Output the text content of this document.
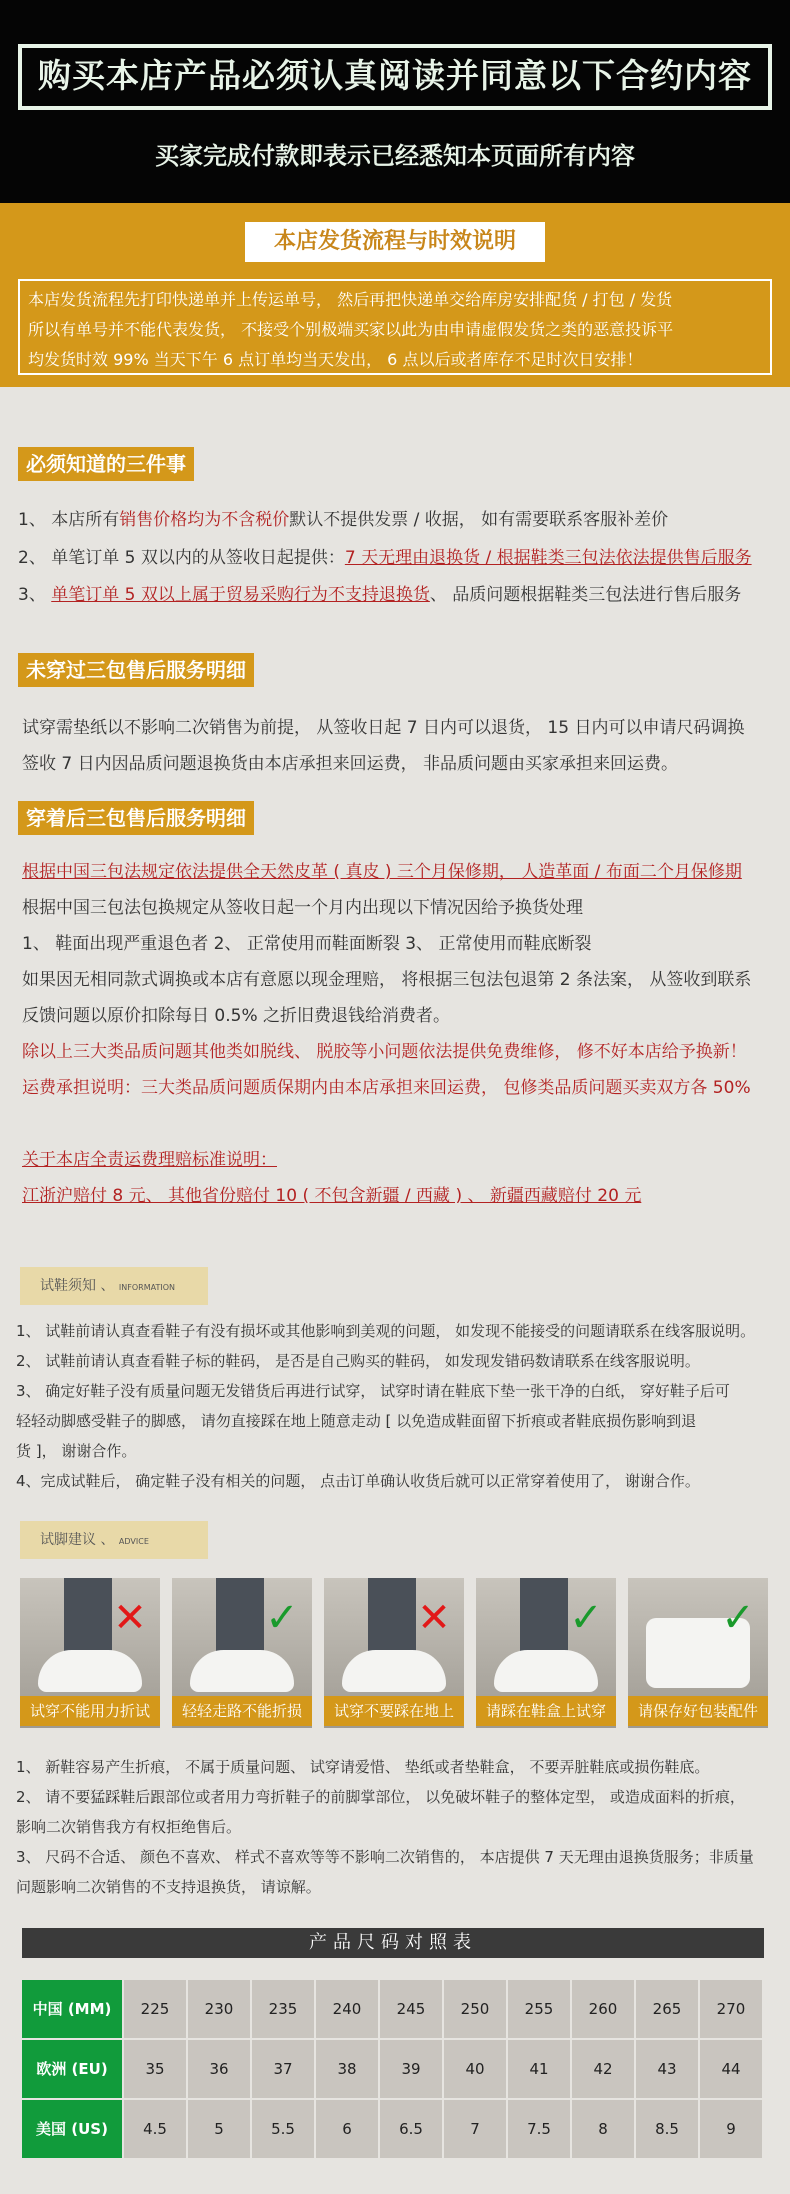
购买本店产品必须认真阅读并同意以下合约内容
买家完成付款即表示已经悉知本页面所有内容
本店发货流程与时效说明
本店发货流程先打印快递单并上传运单号， 然后再把快递单交给库房安排配货 / 打包 / 发货
所以有单号并不能代表发货， 不接受个别极端买家以此为由申请虚假发货之类的恶意投诉平
均发货时效 99% 当天下午 6 点订单均当天发出， 6 点以后或者库存不足时次日安排！
必须知道的三件事
1、 本店所有销售价格均为不含税价默认不提供发票 / 收据， 如有需要联系客服补差价
2、 单笔订单 5 双以内的从签收日起提供：7 天无理由退换货 / 根据鞋类三包法依法提供售后服务
3、 单笔订单 5 双以上属于贸易采购行为不支持退换货、 品质问题根据鞋类三包法进行售后服务
未穿过三包售后服务明细
试穿需垫纸以不影响二次销售为前提， 从签收日起 7 日内可以退货， 15 日内可以申请尺码调换
签收 7 日内因品质问题退换货由本店承担来回运费， 非品质问题由买家承担来回运费。
穿着后三包售后服务明细
根据中国三包法规定依法提供全天然皮革 ( 真皮 ) 三个月保修期， 人造革面 / 布面二个月保修期
根据中国三包法包换规定从签收日起一个月内出现以下情况因给予换货处理
1、 鞋面出现严重退色者 2、 正常使用而鞋面断裂 3、 正常使用而鞋底断裂
如果因无相同款式调换或本店有意愿以现金理赔， 将根据三包法包退第 2 条法案， 从签收到联系
反馈问题以原价扣除每日 0.5% 之折旧费退钱给消费者。
除以上三大类品质问题其他类如脱线、 脱胶等小问题依法提供免费维修， 修不好本店给予换新！
运费承担说明：三大类品质问题质保期内由本店承担来回运费， 包修类品质问题买卖双方各 50%
关于本店全责运费理赔标准说明：
江浙沪赔付 8 元、 其他省份赔付 10 ( 不包含新疆 / 西藏 ) 、 新疆西藏赔付 20 元
试鞋须知 、 INFORMATION
1、 试鞋前请认真查看鞋子有没有损坏或其他影响到美观的问题， 如发现不能接受的问题请联系在线客服说明。
2、 试鞋前请认真查看鞋子标的鞋码， 是否是自己购买的鞋码， 如发现发错码数请联系在线客服说明。
3、 确定好鞋子没有质量问题无发错货后再进行试穿， 试穿时请在鞋底下垫一张干净的白纸， 穿好鞋子后可
轻轻动脚感受鞋子的脚感， 请勿直接踩在地上随意走动 [ 以免造成鞋面留下折痕或者鞋底损伤影响到退
货 ]， 谢谢合作。
4、完成试鞋后， 确定鞋子没有相关的问题， 点击订单确认收货后就可以正常穿着使用了， 谢谢合作。
试脚建议 、 ADVICE
✕
试穿不能用力折试
✓
轻轻走路不能折损
✕
试穿不要踩在地上
✓
请踩在鞋盒上试穿
✓
请保存好包装配件
1、 新鞋容易产生折痕， 不属于质量问题、 试穿请爱惜、 垫纸或者垫鞋盒， 不要弄脏鞋底或损伤鞋底。
2、 请不要猛踩鞋后跟部位或者用力弯折鞋子的前脚掌部位， 以免破坏鞋子的整体定型， 或造成面料的折痕，
影响二次销售我方有权拒绝售后。
3、 尺码不合适、 颜色不喜欢、 样式不喜欢等等不影响二次销售的， 本店提供 7 天无理由退换货服务；非质量
问题影响二次销售的不支持退换货， 请谅解。
产品尺码对照表
中国 (MM)	225	230	235	240	245	250	255	260	265	270
欧洲 (EU)	35	36	37	38	39	40	41	42	43	44
美国 (US)	4.5	5	5.5	6	6.5	7	7.5	8	8.5	9
